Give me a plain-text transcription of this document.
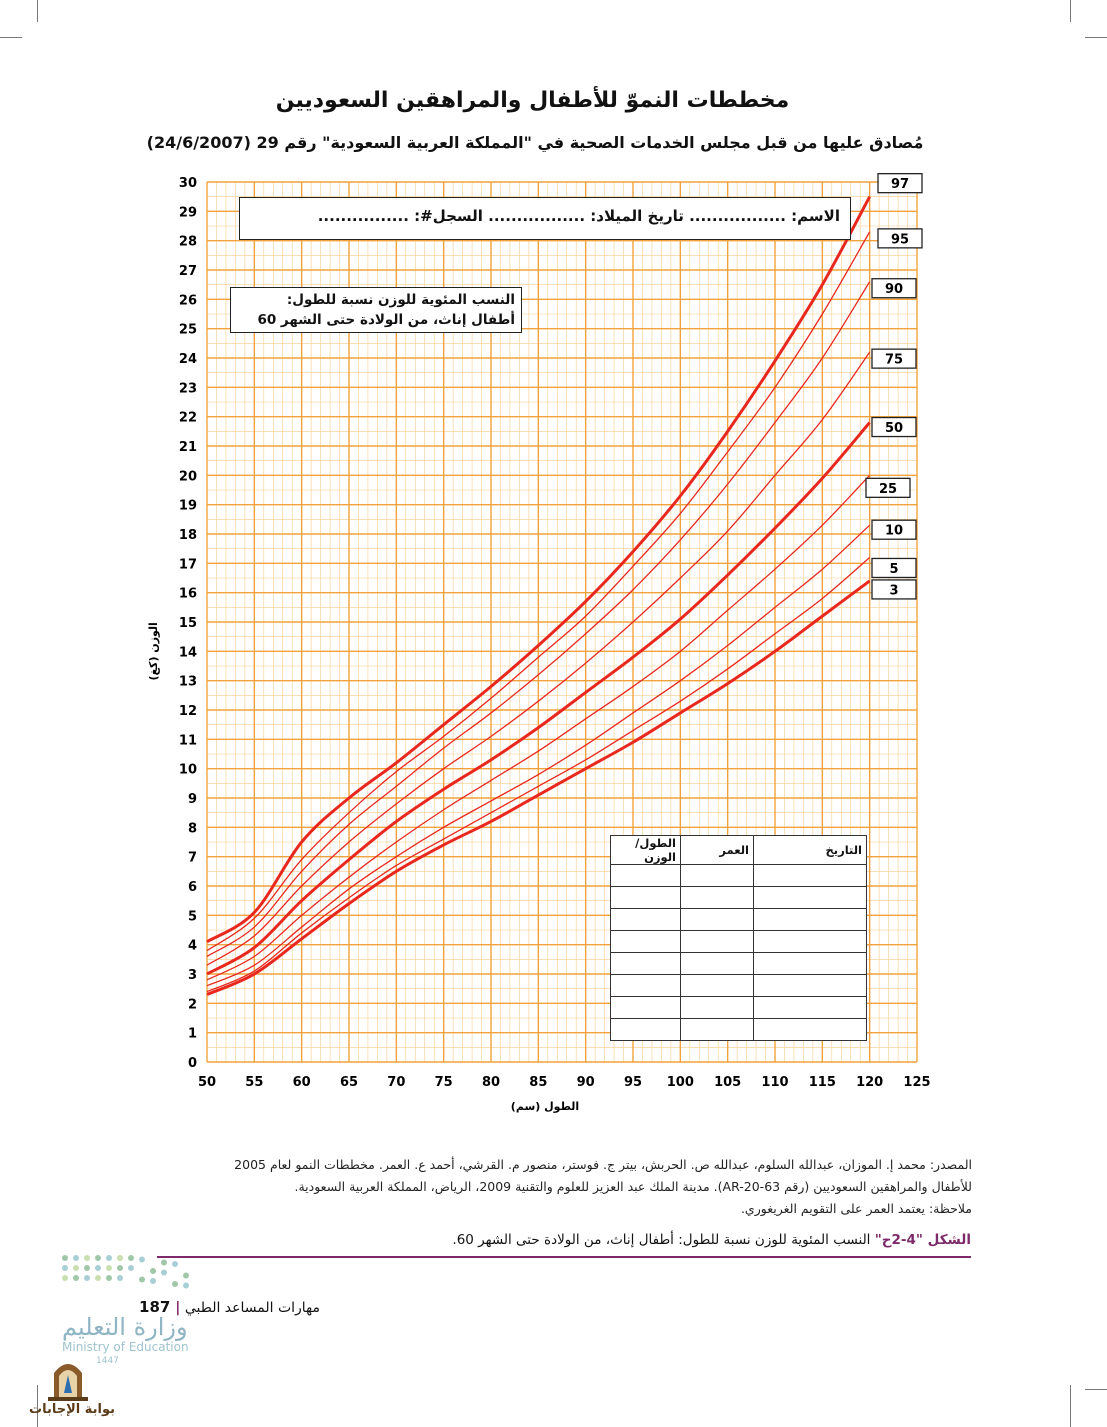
مخططات النموّ للأطفال والمراهقين السعوديين
مُصادق عليها من قبل مجلس الخدمات الصحية في "المملكة العربية السعودية" رقم 29 (24/6/2007)
50 55 60 65 70 75 80 85 90 95 100 105 110 115 120 125
0
1
2
3
4
5
6
7
8
9
10
11
12
13
14
15
16
17
18
19
20
21
22
23
24
25
26
27
28
29
30
الطول (سم)
الوزن (كغ)
3
5
10
25
50
75
90
95
97
الاسم: ................. تاريخ الميلاد: ................. السجل#: ................
النسب المئوية للوزن نسبة للطول:
أطفال إناث، من الولادة حتى الشهر 60
التاريخ	العمر	الطول/الوزن

المصدر: محمد إ. الموزان، عبدالله السلوم، عبدالله ص. الحربش، بيتر ج. فوستر، منصور م. القرشي، أحمد ع. العمر. مخططات النمو لعام 2005
للأطفال والمراهقين السعوديين (رقم AR-20-63). مدينة الملك عبد العزيز للعلوم والتقنية 2009، الرياض، المملكة العربية السعودية.
ملاحظة: يعتمد العمر على التقويم الغريغوري.
الشكل "4-2ح" النسب المئوية للوزن نسبة للطول: أطفال إناث، من الولادة حتى الشهر 60.
وزارة التعليم
Ministry of Education
1447
مهارات المساعد الطبي | 187
بوابة الإجابات
